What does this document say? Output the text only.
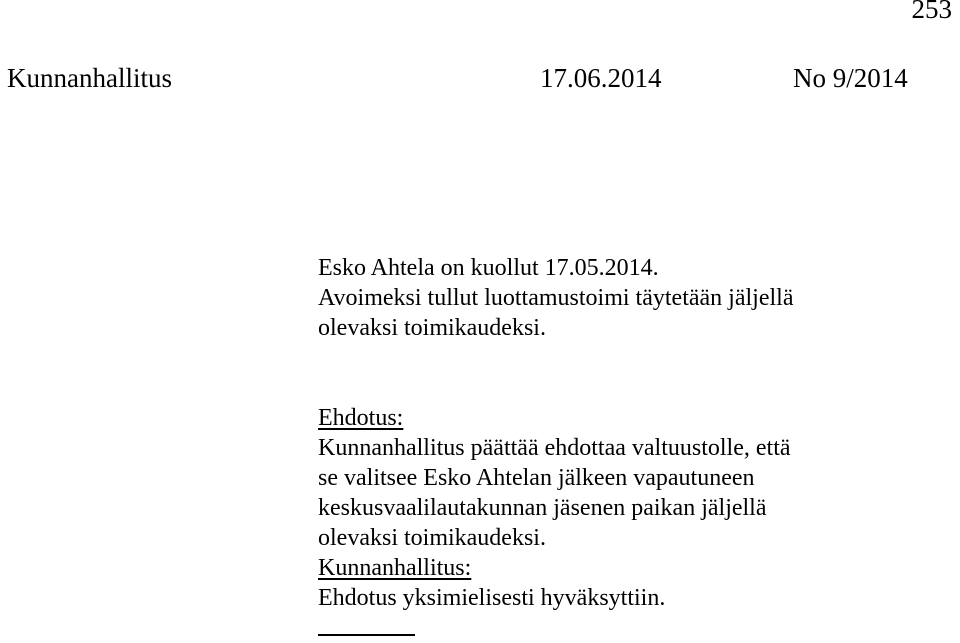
253
Kunnanhallitus	17.06.2014	No 9/2014
Esko Ahtela on kuollut 17.05.2014.
Avoimeksi tullut luottamustoimi täytetään jäljellä
olevaksi toimikaudeksi.
Ehdotus:
Kunnanhallitus päättää ehdottaa valtuustolle, että
se valitsee Esko Ahtelan jälkeen vapautuneen
keskusvaalilautakunnan jäsenen paikan jäljellä
olevaksi toimikaudeksi.
Kunnanhallitus:
Ehdotus yksimielisesti hyväksyttiin.
